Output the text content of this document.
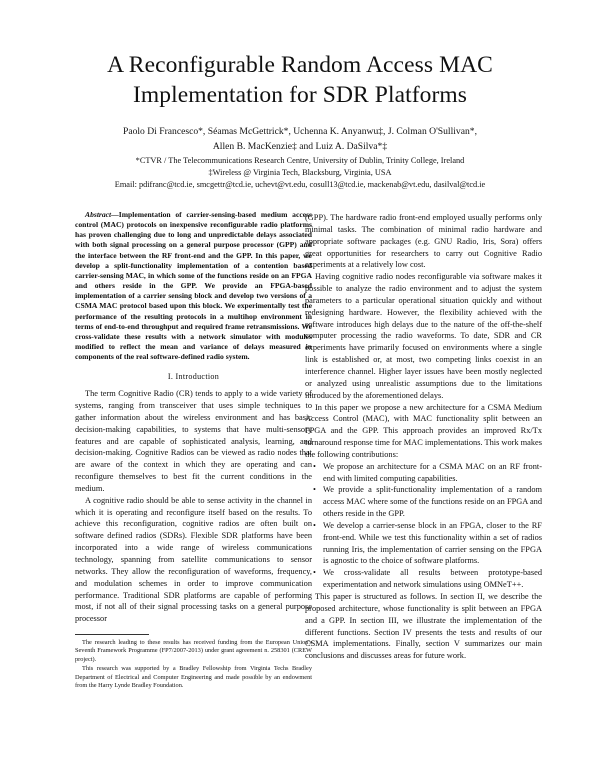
A Reconfigurable Random Access MAC
Implementation for SDR Platforms
Paolo Di Francesco*, Séamas McGettrick*, Uchenna K. Anyanwu‡, J. Colman O'Sullivan*,
Allen B. MacKenzie‡ and Luiz A. DaSilva*‡
*CTVR / The Telecommunications Research Centre, University of Dublin, Trinity College, Ireland
‡Wireless @ Virginia Tech, Blacksburg, Virginia, USA
Email: pdifranc@tcd.ie, smcgettr@tcd.ie, uchevt@vt.edu, cosull13@tcd.ie, mackenab@vt.edu, dasilval@tcd.ie

Abstract—Implementation of carrier-sensing-based medium access control (MAC) protocols on inexpensive reconfigurable radio platforms has proven challenging due to long and unpredictable delays associated with both signal processing on a general purpose processor (GPP) and the interface between the RF front-end and the GPP. In this paper, we develop a split-functionality implementation of a contention based carrier-sensing MAC, in which some of the functions reside on an FPGA and others reside in the GPP. We provide an FPGA-based implementation of a carrier sensing block and develop two versions of a CSMA MAC protocol based upon this block. We experimentally test the performance of the resulting protocols in a multihop environment in terms of end-to-end throughput and required frame retransmissions. We cross-validate these results with a network simulator with modules modified to reflect the mean and variance of delays measured in components of the real software-defined radio system.

I. Introduction

The term Cognitive Radio (CR) tends to apply to a wide variety of systems, ranging from transceiver that uses simple techniques to gather information about the wireless environment and has basic decision-making capabilities, to systems that have multi-sensory features and are capable of sophisticated analysis, learning, and decision-making. Cognitive Radios can be viewed as radio nodes that are aware of the context in which they are operating and can reconfigure themselves to best fit the current conditions in the medium.

A cognitive radio should be able to sense activity in the channel in which it is operating and reconfigure itself based on the results. To achieve this reconfiguration, cognitive radios are often built on software defined radios (SDRs). Flexible SDR platforms have been incorporated into a wide range of wireless communications technology, spanning from satellite communications to sensor networks. They allow the reconfiguration of waveforms, frequency, and modulation schemes in order to improve communication performance. Traditional SDR platforms are capable of performing most, if not all of their signal processing tasks on a general purpose processor

The research leading to these results has received funding from the European Union's Seventh Framework Programme (FP7/2007-2013) under grant agreement n. 258301 (CREW project).
This research was supported by a Bradley Fellowship from Virginia Techs Bradley Department of Electrical and Computer Engineering and made possible by an endowment from the Harry Lynde Bradley Foundation.

(GPP). The hardware radio front-end employed usually performs only minimal tasks. The combination of minimal radio hardware and appropriate software packages (e.g. GNU Radio, Iris, Sora) offers great opportunities for researchers to carry out Cognitive Radio experiments at a relatively low cost.

Having cognitive radio nodes reconfigurable via software makes it possible to analyze the radio environment and to adjust the system parameters to a particular operational situation quickly and without redesigning hardware. However, the flexibility achieved with the software introduces high delays due to the nature of the off-the-shelf computer processing the radio waveforms. To date, SDR and CR experiments have primarily focused on environments where a single link is established or, at most, two competing links coexist in an interference channel. Higher layer issues have been mostly neglected or analyzed using unrealistic assumptions due to the limitations introduced by the aforementioned delays.

In this paper we propose a new architecture for a CSMA Medium Access Control (MAC), with MAC functionality split between an FPGA and the GPP. This approach provides an improved Rx/Tx turnaround response time for MAC implementations. This work makes the following contributions:

• We propose an architecture for a CSMA MAC on an RF front-end with limited computing capabilities.
• We provide a split-functionality implementation of a random access MAC where some of the functions reside on an FPGA and others reside in the GPP.
• We develop a carrier-sense block in an FPGA, closer to the RF front-end. While we test this functionality within a set of radios running Iris, the implementation of carrier sensing on the FPGA is agnostic to the choice of software platforms.
• We cross-validate all results between prototype-based experimentation and network simulations using OMNeT++.

This paper is structured as follows. In section II, we describe the proposed architecture, whose functionality is split between an FPGA and a GPP. In section III, we illustrate the implementation of the different functions. Section IV presents the tests and results of our CSMA implementations. Finally, section V summarizes our main conclusions and discusses areas for future work.
